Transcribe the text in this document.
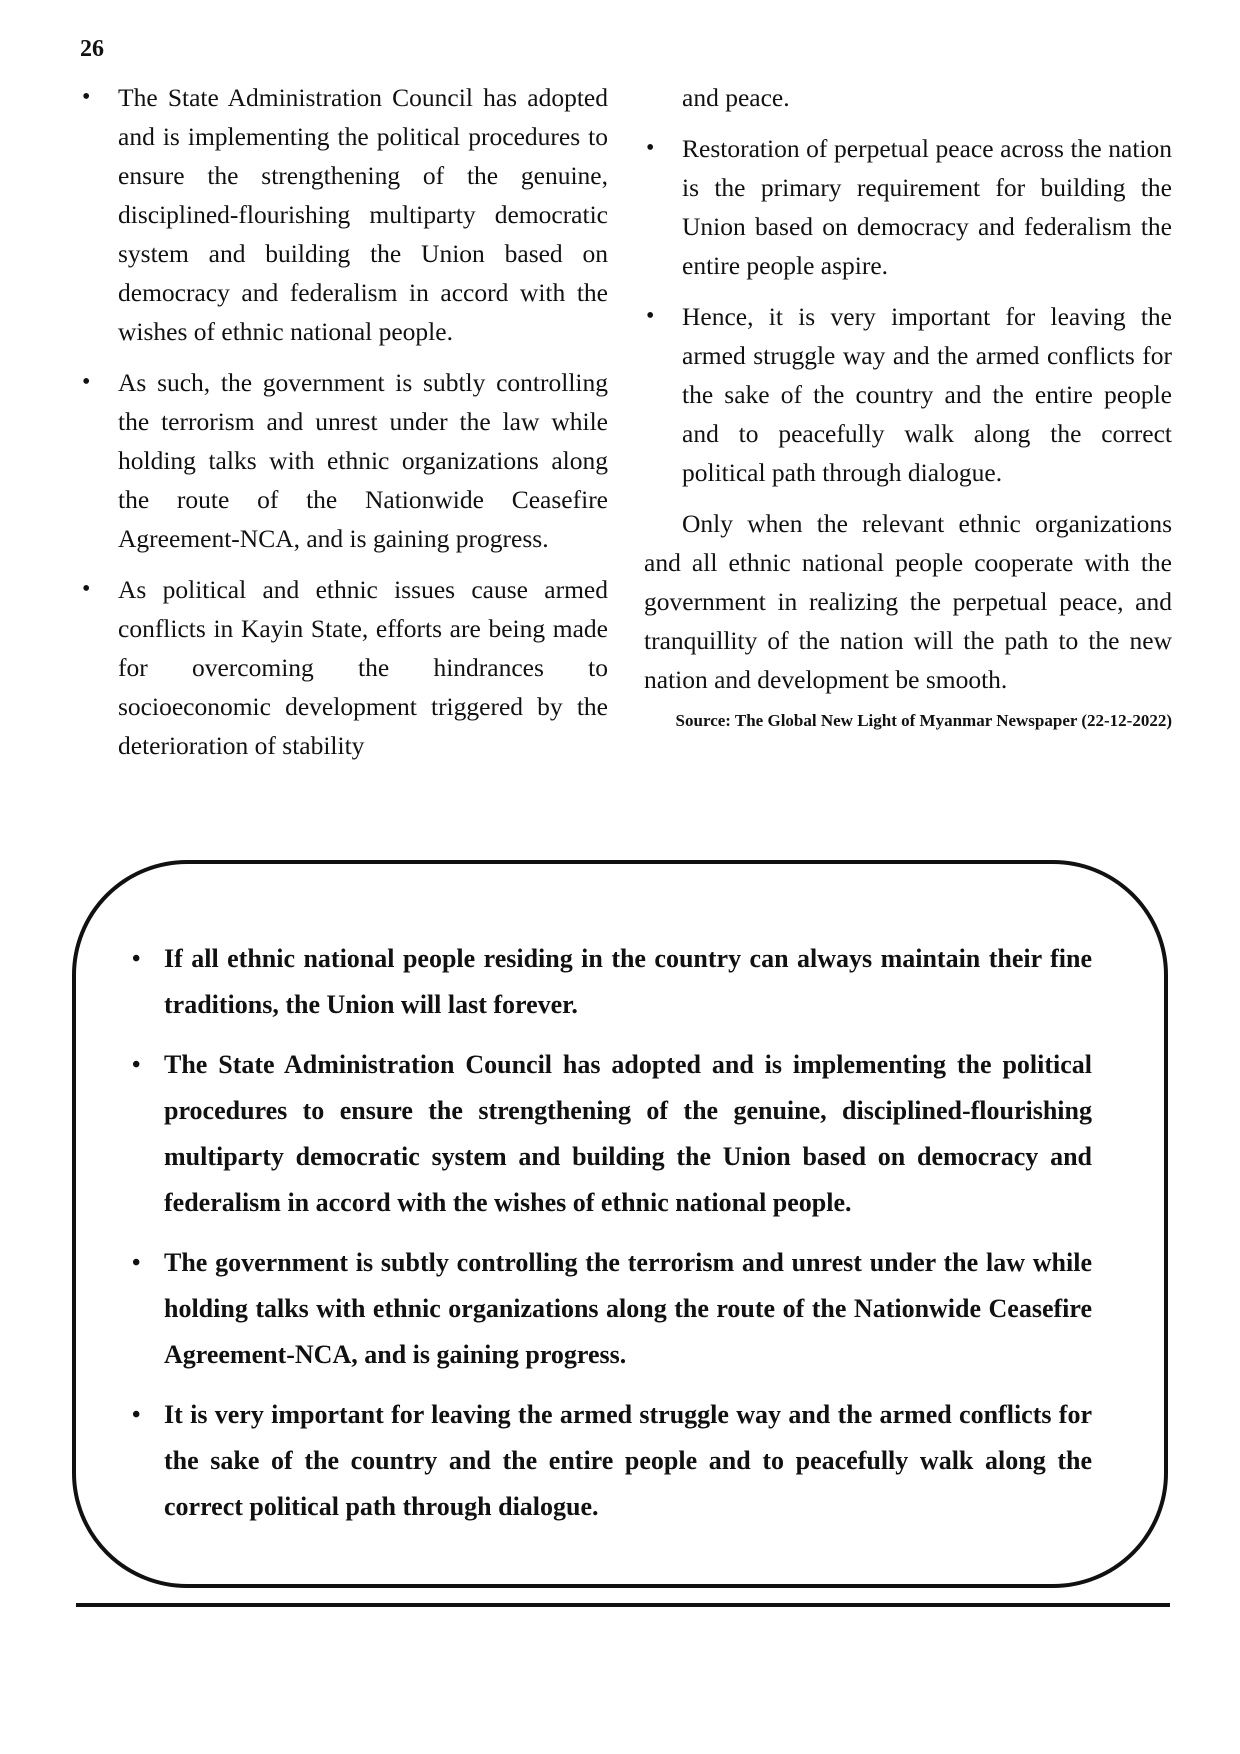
26
• The State Administration Council has adopted and is implementing the political procedures to ensure the strengthening of the genuine, disciplined-flourishing multiparty democratic system and building the Union based on democracy and federalism in accord with the wishes of ethnic national people.
• As such, the government is subtly controlling the terrorism and unrest under the law while holding talks with ethnic organizations along the route of the Nationwide Ceasefire Agreement-NCA, and is gaining progress.
• As political and ethnic issues cause armed conflicts in Kayin State, efforts are being made for overcoming the hindrances to socioeconomic development triggered by the deterioration of stability

and peace.

• Restoration of perpetual peace across the nation is the primary requirement for building the Union based on democracy and federalism the entire people aspire.
• Hence, it is very important for leaving the armed struggle way and the armed conflicts for the sake of the country and the entire people and to peacefully walk along the correct political path through dialogue.

Only when the relevant ethnic organizations and all ethnic national people cooperate with the government in realizing the perpetual peace, and tranquillity of the nation will the path to the new nation and development be smooth.

Source: The Global New Light of Myanmar Newspaper (22-12-2022)
• If all ethnic national people residing in the country can always maintain their fine traditions, the Union will last forever.
• The State Administration Council has adopted and is implementing the political procedures to ensure the strengthening of the genuine, disciplined-flourishing multiparty democratic system and building the Union based on democracy and federalism in accord with the wishes of ethnic national people.
• The government is subtly controlling the terrorism and unrest under the law while holding talks with ethnic organizations along the route of the Nationwide Ceasefire Agreement-NCA, and is gaining progress.
• It is very important for leaving the armed struggle way and the armed conflicts for the sake of the country and the entire people and to peacefully walk along the correct political path through dialogue.
